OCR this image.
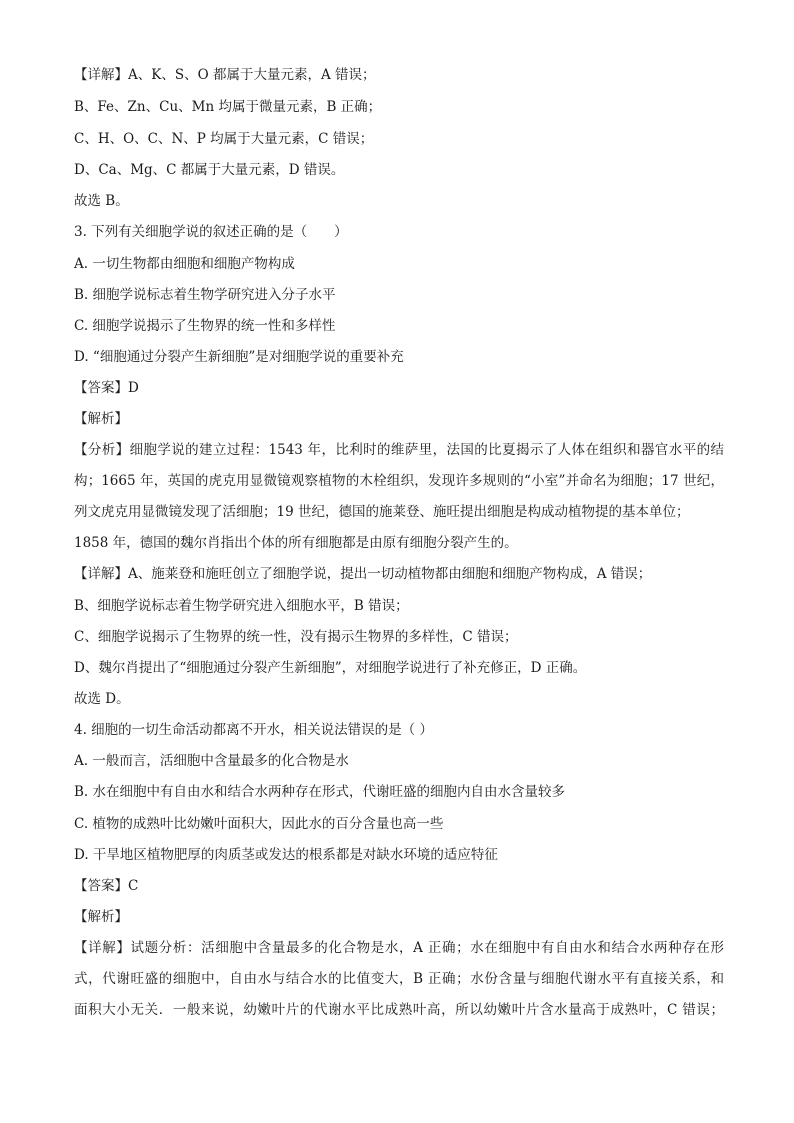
【详解】A、K、S、O 都属于大量元素，A 错误；
B、Fe、Zn、Cu、Mn 均属于微量元素，B 正确；
C、H、O、C、N、P 均属于大量元素，C 错误；
D、Ca、Mg、C 都属于大量元素，D 错误。
故选 B。
3. 下列有关细胞学说的叙述正确的是（　　）
A. 一切生物都由细胞和细胞产物构成
B. 细胞学说标志着生物学研究进入分子水平
C. 细胞学说揭示了生物界的统一性和多样性
D. “细胞通过分裂产生新细胞”是对细胞学说的重要补充
【答案】D
【解析】
【分析】细胞学说的建立过程：1543 年，比利时的维萨里，法国的比夏揭示了人体在组织和器官水平的结
构；1665 年，英国的虎克用显微镜观察植物的木栓组织，发现许多规则的“小室”并命名为细胞；17 世纪，
列文虎克用显微镜发现了活细胞；19 世纪，德国的施莱登、施旺提出细胞是构成动植物提的基本单位；
1858 年，德国的魏尔肖指出个体的所有细胞都是由原有细胞分裂产生的。
【详解】A、施莱登和施旺创立了细胞学说，提出一切动植物都由细胞和细胞产物构成，A 错误；
B、细胞学说标志着生物学研究进入细胞水平，B 错误；
C、细胞学说揭示了生物界的统一性，没有揭示生物界的多样性，C 错误；
D、魏尔肖提出了“细胞通过分裂产生新细胞”，对细胞学说进行了补充修正，D 正确。
故选 D。
4. 细胞的一切生命活动都离不开水，相关说法错误的是（ ）
A. 一般而言，活细胞中含量最多的化合物是水
B. 水在细胞中有自由水和结合水两种存在形式，代谢旺盛的细胞内自由水含量较多
C. 植物的成熟叶比幼嫩叶面积大，因此水的百分含量也高一些
D. 干旱地区植物肥厚的肉质茎或发达的根系都是对缺水环境的适应特征
【答案】C
【解析】
【详解】试题分析：活细胞中含量最多的化合物是水，A 正确；水在细胞中有自由水和结合水两种存在形
式，代谢旺盛的细胞中，自由水与结合水的比值变大，B 正确；水份含量与细胞代谢水平有直接关系，和
面积大小无关．一般来说，幼嫩叶片的代谢水平比成熟叶高，所以幼嫩叶片含水量高于成熟叶，C 错误；
